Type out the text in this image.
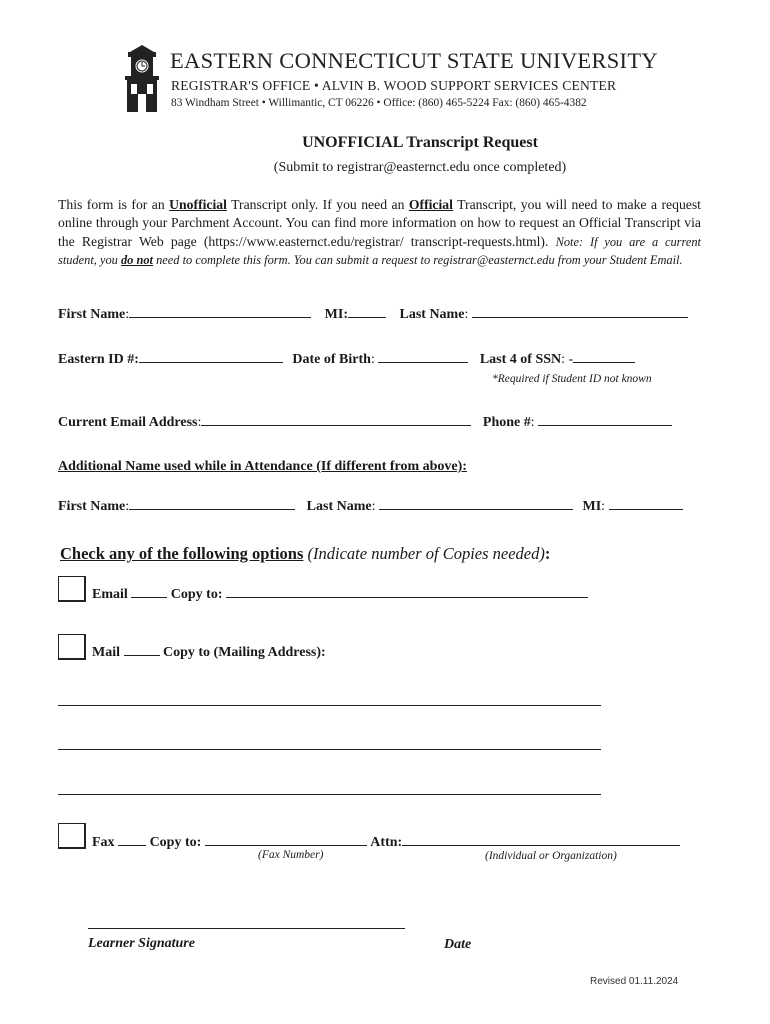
EASTERN CONNECTICUT STATE UNIVERSITY
REGISTRAR'S OFFICE • ALVIN B. WOOD SUPPORT SERVICES CENTER
83 Windham Street • Willimantic, CT 06226 • Office: (860) 465-5224 Fax: (860) 465-4382
UNOFFICIAL Transcript Request
(Submit to registrar@easternct.edu once completed)
This form is for an Unofficial Transcript only. If you need an Official Transcript, you will need to make a request online through your Parchment Account. You can find more information on how to request an Official Transcript via the Registrar Web page (https://www.easternct.edu/registrar/ transcript-requests.html). Note: If you are a current student, you do not need to complete this form. You can submit a request to registrar@easternct.edu from your Student Email.
First Name:	MI:	Last Name:
Eastern ID #:	Date of Birth:	Last 4 of SSN: -
*Required if Student ID not known
Current Email Address:	Phone #:
Additional Name used while in Attendance (If different from above):
First Name:	Last Name:	MI:
Check any of the following options (Indicate number of Copies needed):
Email	Copy to:
Mail	Copy to (Mailing Address):
Fax	Copy to:	Attn:
(Fax Number)	(Individual or Organization)
Learner Signature	Date
Revised 01.11.2024
